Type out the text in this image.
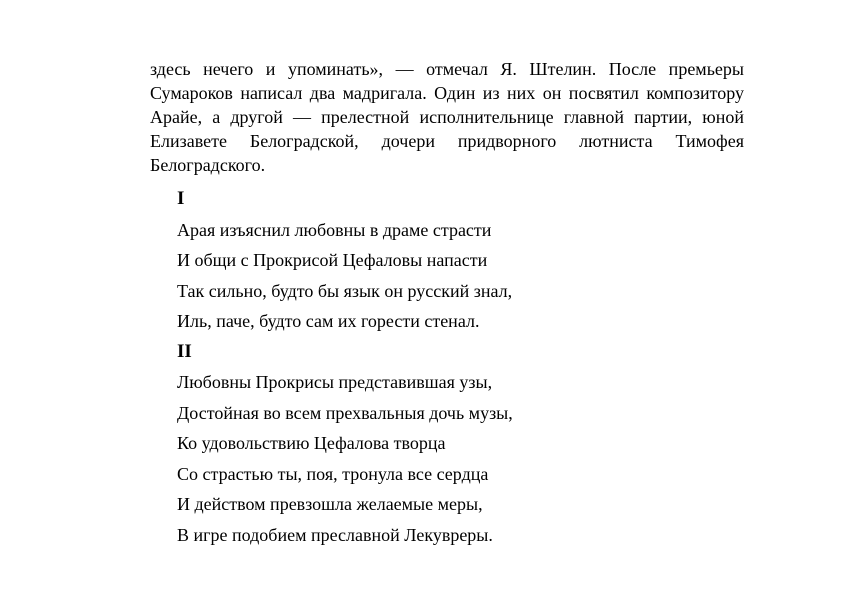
здесь нечего и упоминать», — отмечал Я. Штелин. После премьеры Сумароков написал два мадригала. Один из них он посвятил композитору Арайе, а другой — прелестной исполнительнице главной партии, юной Елизавете Белоградской, дочери придворного лютниста Тимофея Белоградского.

I
Арая изъяснил любовны в драме страсти
И общи с Прокрисой Цефаловы напасти
Так сильно, будто бы язык он русский знал,
Иль, паче, будто сам их горести стенал.
II
Любовны Прокрисы представившая узы,
Достойная во всем прехвальныя дочь музы,
Ко удовольствию Цефалова творца
Со страстью ты, поя, тронула все сердца
И действом превзошла желаемые меры,
В игре подобием преславной Лекувреры.
